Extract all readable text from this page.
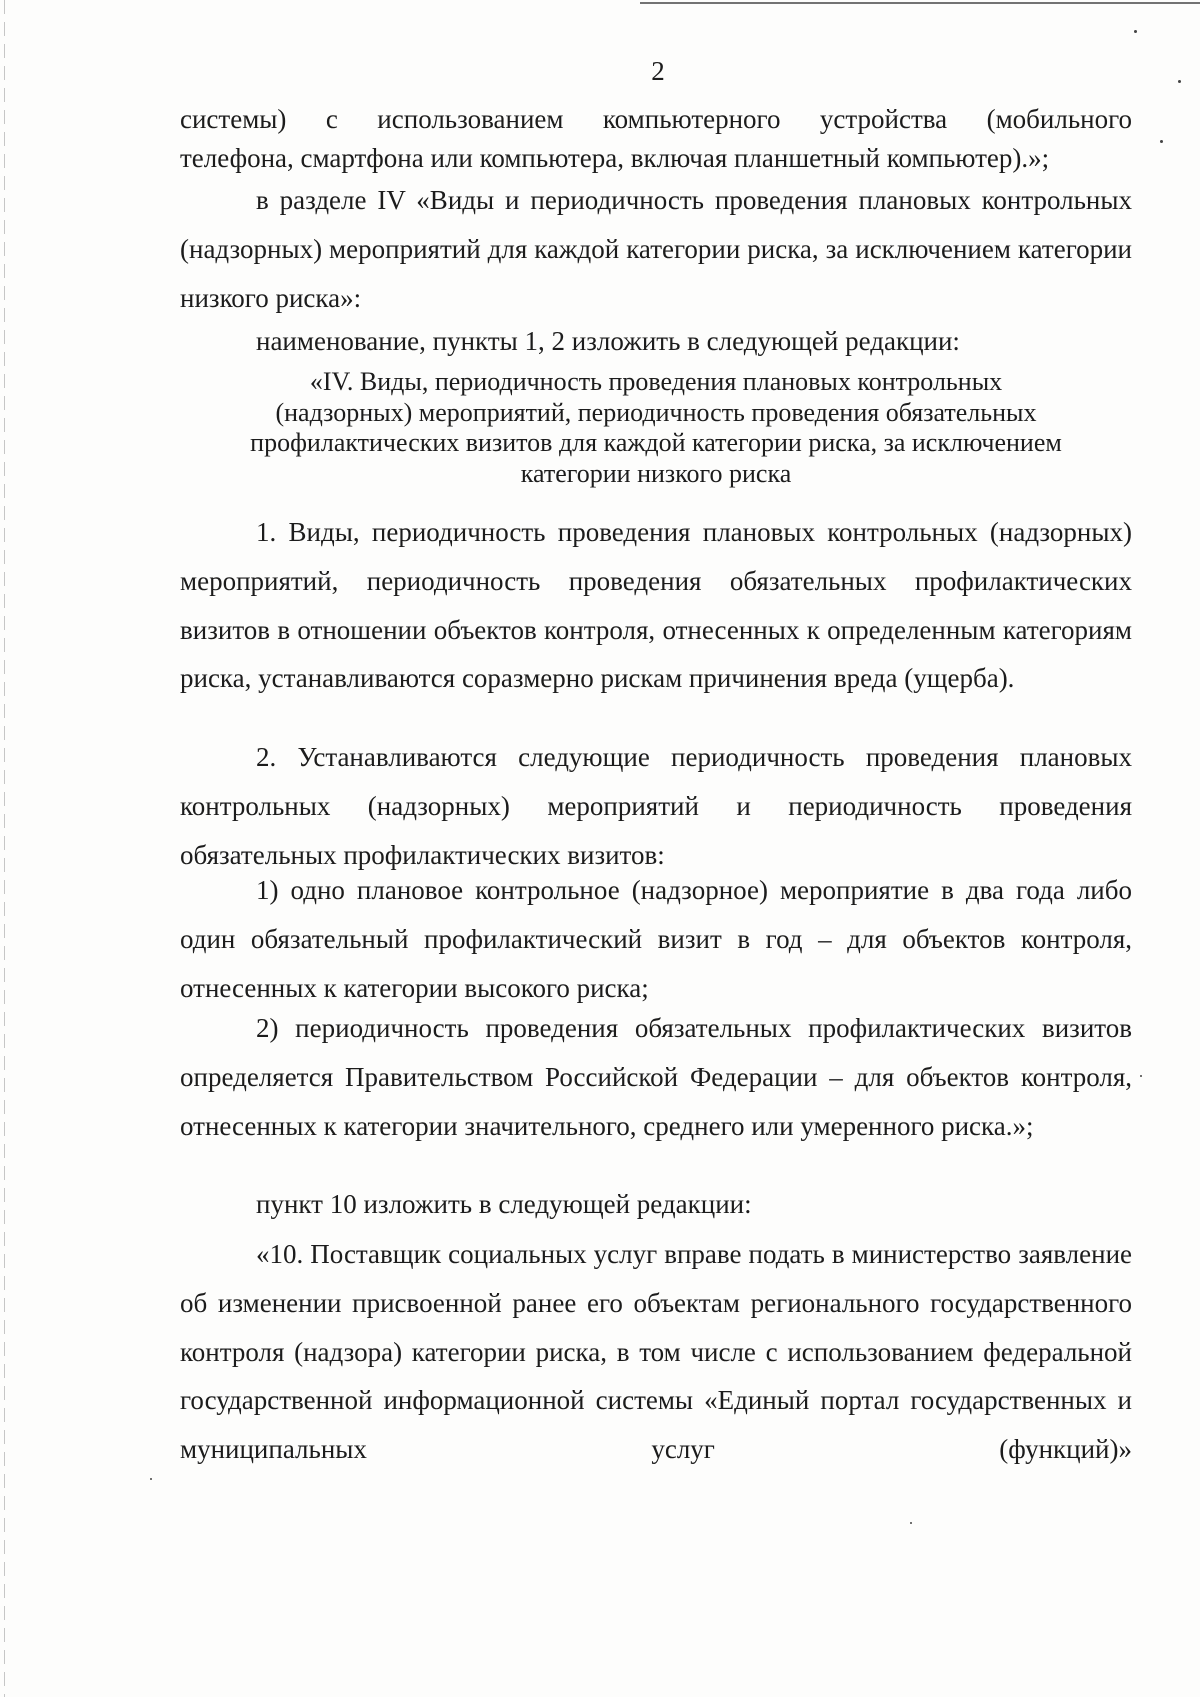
2
системы) с использованием компьютерного устройства (мобильного
телефона, смартфона или компьютера, включая планшетный компьютер).»;
в разделе IV «Виды и периодичность проведения плановых контрольных (надзорных) мероприятий для каждой категории риска, за исключением категории низкого риска»:
наименование, пункты 1, 2 изложить в следующей редакции:
«IV. Виды, периодичность проведения плановых контрольных
(надзорных) мероприятий, периодичность проведения обязательных
профилактических визитов для каждой категории риска, за исключением
категории низкого риска
1. Виды, периодичность проведения плановых контрольных (надзорных) мероприятий, периодичность проведения обязательных профилактических визитов в отношении объектов контроля, отнесенных к определенным категориям риска, устанавливаются соразмерно рискам причинения вреда (ущерба).
2. Устанавливаются следующие периодичность проведения плановых контрольных (надзорных) мероприятий и периодичность проведения обязательных профилактических визитов:
1) одно плановое контрольное (надзорное) мероприятие в два года либо один обязательный профилактический визит в год – для объектов контроля, отнесенных к категории высокого риска;
2) периодичность проведения обязательных профилактических визитов определяется Правительством Российской Федерации – для объектов контроля, отнесенных к категории значительного, среднего или умеренного риска.»;
пункт 10 изложить в следующей редакции:
«10. Поставщик социальных услуг вправе подать в министерство заявление об изменении присвоенной ранее его объектам регионального государственного контроля (надзора) категории риска, в том числе с использованием федеральной государственной информационной системы «Единый портал государственных и муниципальных услуг (функций)»
